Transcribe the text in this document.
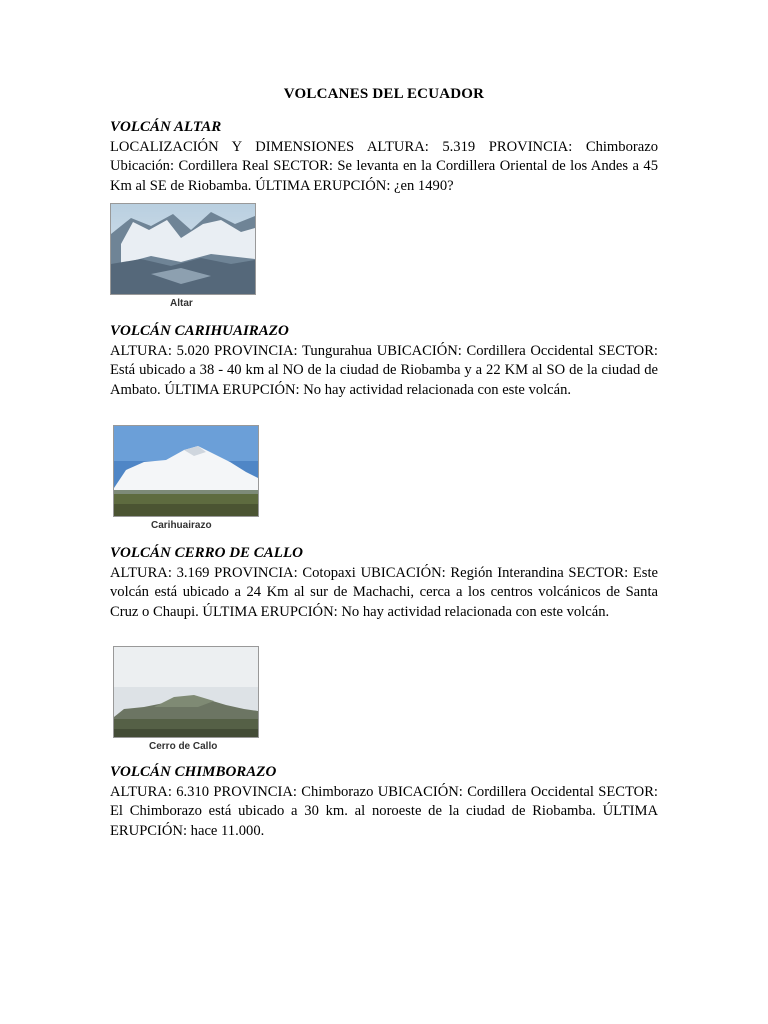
VOLCANES DEL ECUADOR
VOLCÁN ALTAR
LOCALIZACIÓN Y DIMENSIONES ALTURA: 5.319 PROVINCIA: Chimborazo Ubicación: Cordillera Real SECTOR: Se levanta en la Cordillera Oriental de los Andes a 45 Km al SE de Riobamba. ÚLTIMA ERUPCIÓN: ¿en 1490?
Altar
VOLCÁN CARIHUAIRAZO
ALTURA: 5.020 PROVINCIA: Tungurahua UBICACIÓN: Cordillera Occidental SECTOR: Está ubicado a 38 - 40 km al NO de la ciudad de Riobamba y a 22 KM al SO de la ciudad de Ambato. ÚLTIMA ERUPCIÓN: No hay actividad relacionada con este volcán.
Carihuairazo
VOLCÁN CERRO DE CALLO
ALTURA: 3.169 PROVINCIA: Cotopaxi UBICACIÓN: Región Interandina SECTOR: Este volcán está ubicado a 24 Km al sur de Machachi, cerca a los centros volcánicos de Santa Cruz o Chaupi. ÚLTIMA ERUPCIÓN: No hay actividad relacionada con este volcán.
Cerro de Callo
VOLCÁN CHIMBORAZO
ALTURA: 6.310 PROVINCIA: Chimborazo UBICACIÓN: Cordillera Occidental SECTOR: El Chimborazo está ubicado a 30 km. al noroeste de la ciudad de Riobamba. ÚLTIMA ERUPCIÓN: hace 11.000.
